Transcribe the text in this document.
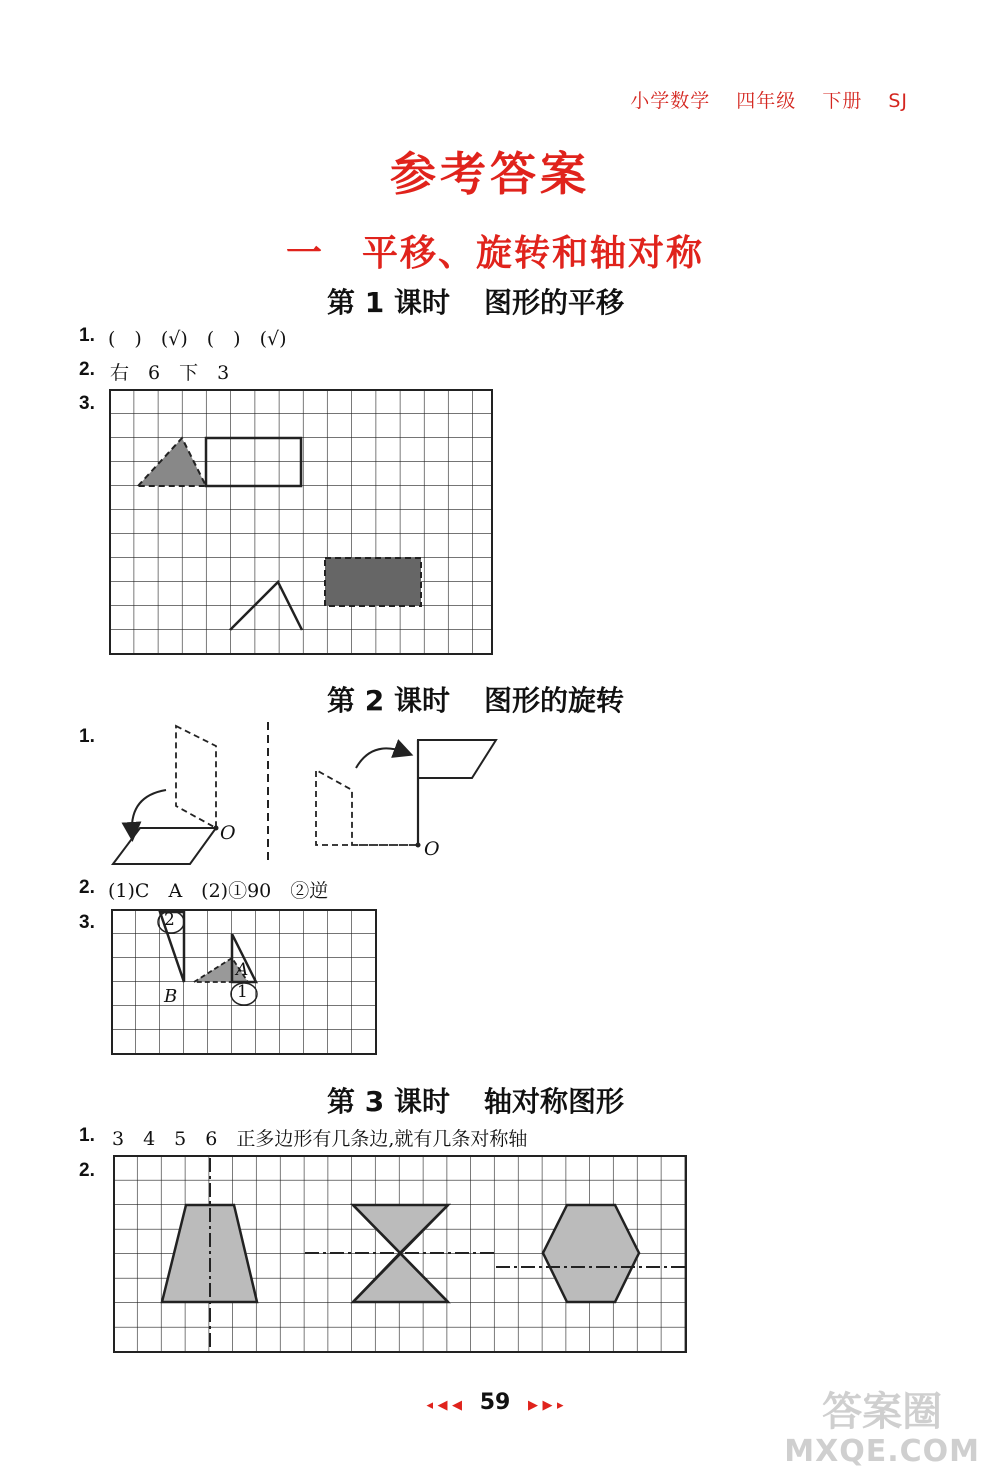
小学数学 四年级 下册 SJ
参考答案
一　平移、旋转和轴对称
第 1 课时 图形的平移
1. (　)　(√)　(　)　(√)
2. 右　6　下　3
3.
O
O
2
1
A
B
第 2 课时 图形的旋转
1.
2. (1)C　A　(2)①90　②逆
3.
第 3 课时 轴对称图形
1. 3　4　5　6　正多边形有几条边,就有几条对称轴
2.
◂ ◀ ◀ 59 ▶ ▶ ▸	答案圈
MXQE.COM
